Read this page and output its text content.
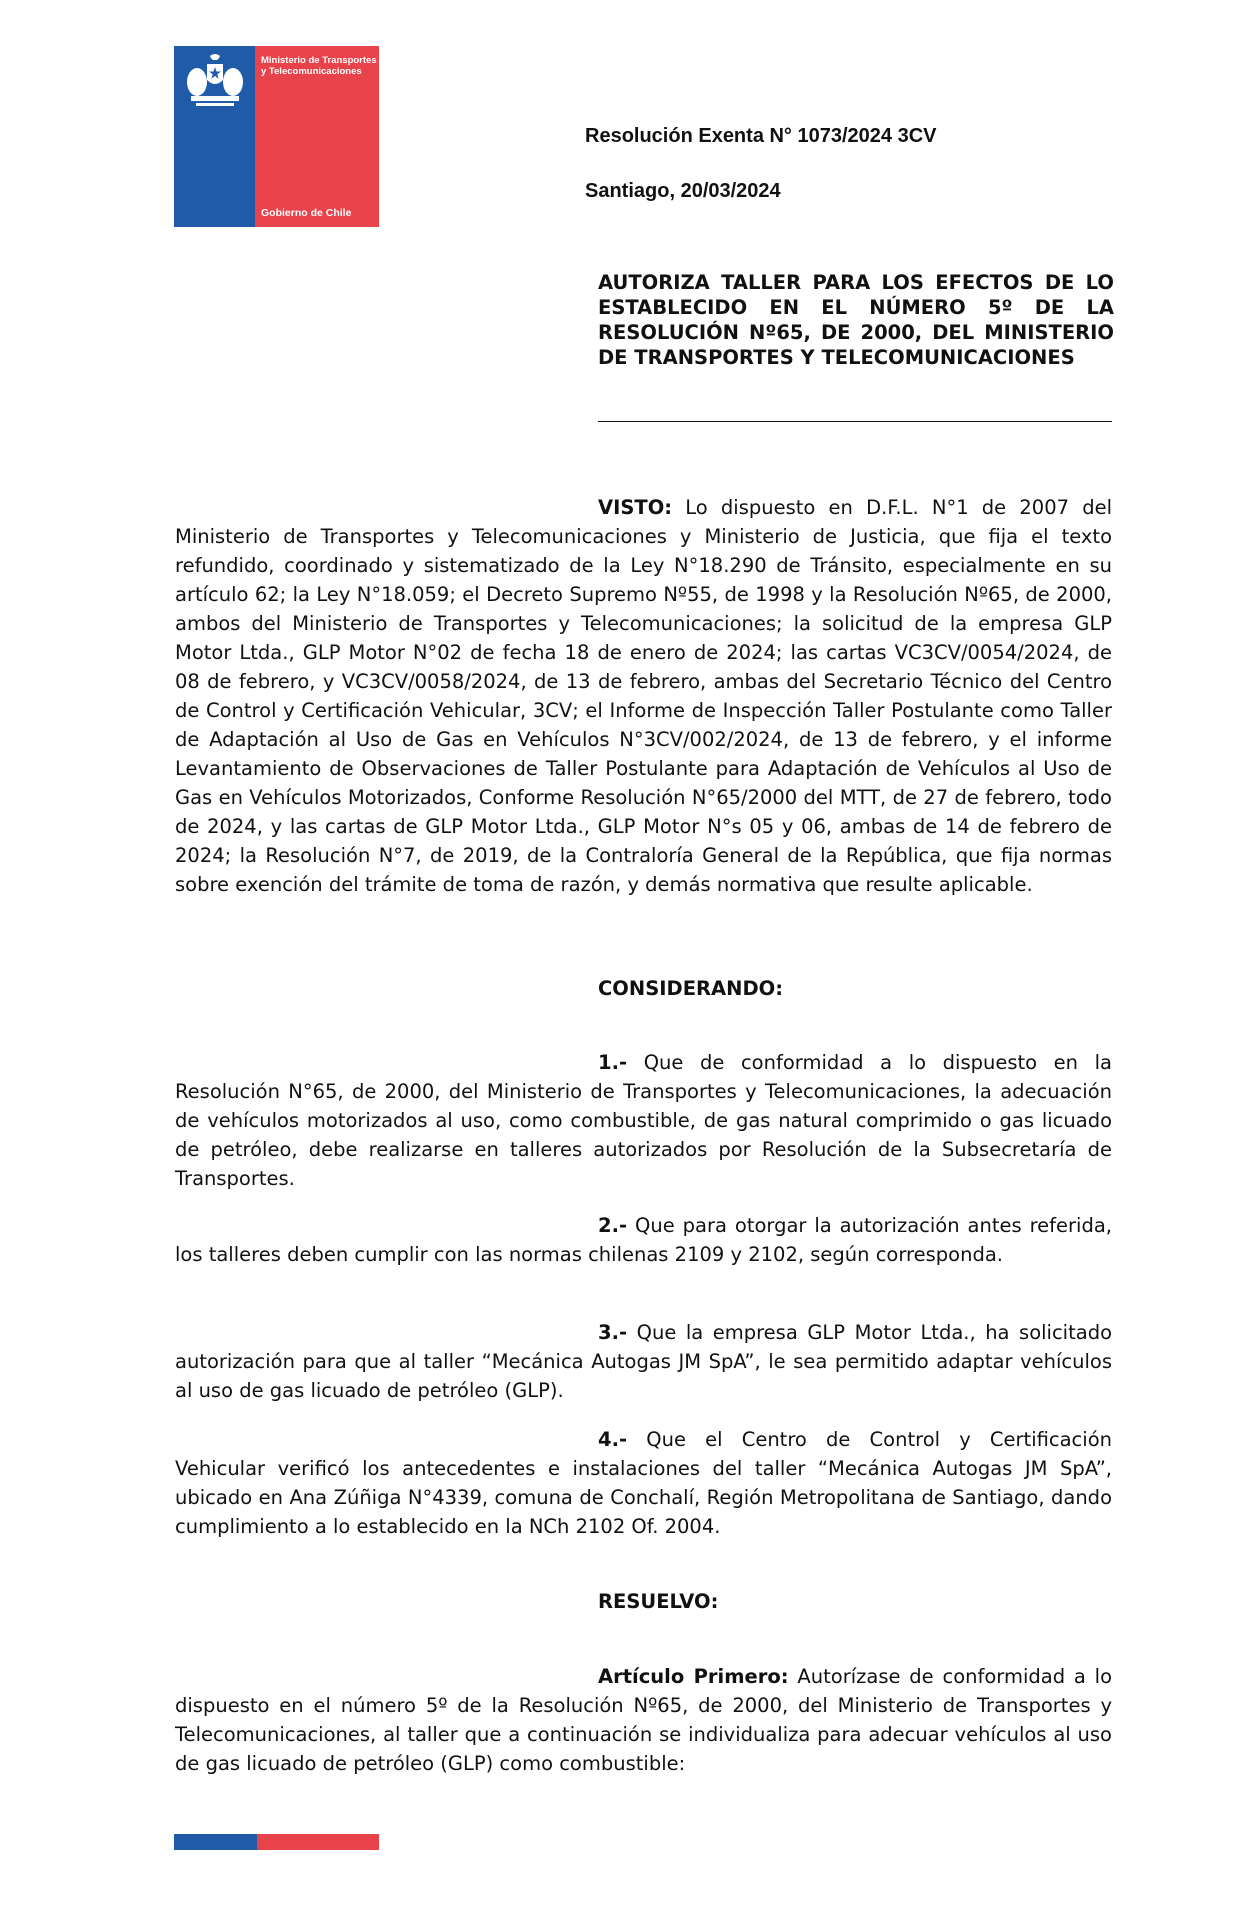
Ministerio de Transportes y Telecomunicaciones
Gobierno de Chile
Resolución Exenta N° 1073/2024 3CV
Santiago, 20/03/2024
AUTORIZA TALLER PARA LOS EFECTOS DE LO ESTABLECIDO EN EL NÚMERO 5º DE LA RESOLUCIÓN Nº65, DE 2000, DEL MINISTERIO DE TRANSPORTES Y TELECOMUNICACIONES
VISTO: Lo dispuesto en D.F.L. N°1 de 2007 del Ministerio de Transportes y Telecomunicaciones y Ministerio de Justicia, que fija el texto refundido, coordinado y sistematizado de la Ley N°18.290 de Tránsito, especialmente en su artículo 62; la Ley N°18.059; el Decreto Supremo Nº55, de 1998 y la Resolución Nº65, de 2000, ambos del Ministerio de Transportes y Telecomunicaciones; la solicitud de la empresa GLP Motor Ltda., GLP Motor N°02 de fecha 18 de enero de 2024; las cartas VC3CV/0054/2024, de 08 de febrero, y VC3CV/0058/2024, de 13 de febrero, ambas del Secretario Técnico del Centro de Control y Certificación Vehicular, 3CV; el Informe de Inspección Taller Postulante como Taller de Adaptación al Uso de Gas en Vehículos N°3CV/002/2024, de 13 de febrero, y el informe Levantamiento de Observaciones de Taller Postulante para Adaptación de Vehículos al Uso de Gas en Vehículos Motorizados, Conforme Resolución N°65/2000 del MTT, de 27 de febrero, todo de 2024, y las cartas de GLP Motor Ltda., GLP Motor N°s 05 y 06, ambas de 14 de febrero de 2024; la Resolución N°7, de 2019, de la Contraloría General de la República, que fija normas sobre exención del trámite de toma de razón, y demás normativa que resulte aplicable.
CONSIDERANDO:
1.- Que de conformidad a lo dispuesto en la Resolución N°65, de 2000, del Ministerio de Transportes y Telecomunicaciones, la adecuación de vehículos motorizados al uso, como combustible, de gas natural comprimido o gas licuado de petróleo, debe realizarse en talleres autorizados por Resolución de la Subsecretaría de Transportes.
2.- Que para otorgar la autorización antes referida, los talleres deben cumplir con las normas chilenas 2109 y 2102, según corresponda.
3.- Que la empresa GLP Motor Ltda., ha solicitado autorización para que al taller “Mecánica Autogas JM SpA”, le sea permitido adaptar vehículos al uso de gas licuado de petróleo (GLP).
4.- Que el Centro de Control y Certificación Vehicular verificó los antecedentes e instalaciones del taller “Mecánica Autogas JM SpA”, ubicado en Ana Zúñiga N°4339, comuna de Conchalí, Región Metropolitana de Santiago, dando cumplimiento a lo establecido en la NCh 2102 Of. 2004.
RESUELVO:
Artículo Primero: Autorízase de conformidad a lo dispuesto en el número 5º de la Resolución Nº65, de 2000, del Ministerio de Transportes y Telecomunicaciones, al taller que a continuación se individualiza para adecuar vehículos al uso de gas licuado de petróleo (GLP) como combustible:
